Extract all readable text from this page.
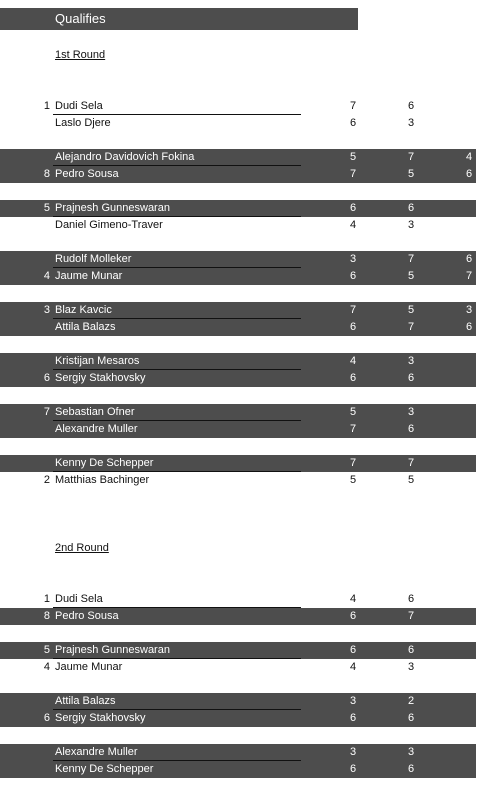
Qualifies
1st Round
2nd Round
1 Dudi Sela	7	6
Laslo Djere	6	3
Alejandro Davidovich Fokina	5	7	4
8 Pedro Sousa	7	5	6
5 Prajnesh Gunneswaran	6	6
Daniel Gimeno-Traver	4	3
Rudolf Molleker	3	7	6
4 Jaume Munar	6	5	7
3 Blaz Kavcic	7	5	3
Attila Balazs	6	7	6
Kristijan Mesaros	4	3
6 Sergiy Stakhovsky	6	6
7 Sebastian Ofner	5	3
Alexandre Muller	7	6
Kenny De Schepper	7	7
2 Matthias Bachinger	5	5
1 Dudi Sela	4	6
8 Pedro Sousa	6	7
5 Prajnesh Gunneswaran	6	6
4 Jaume Munar	4	3
Attila Balazs	3	2
6 Sergiy Stakhovsky	6	6
Alexandre Muller	3	3
Kenny De Schepper	6	6
